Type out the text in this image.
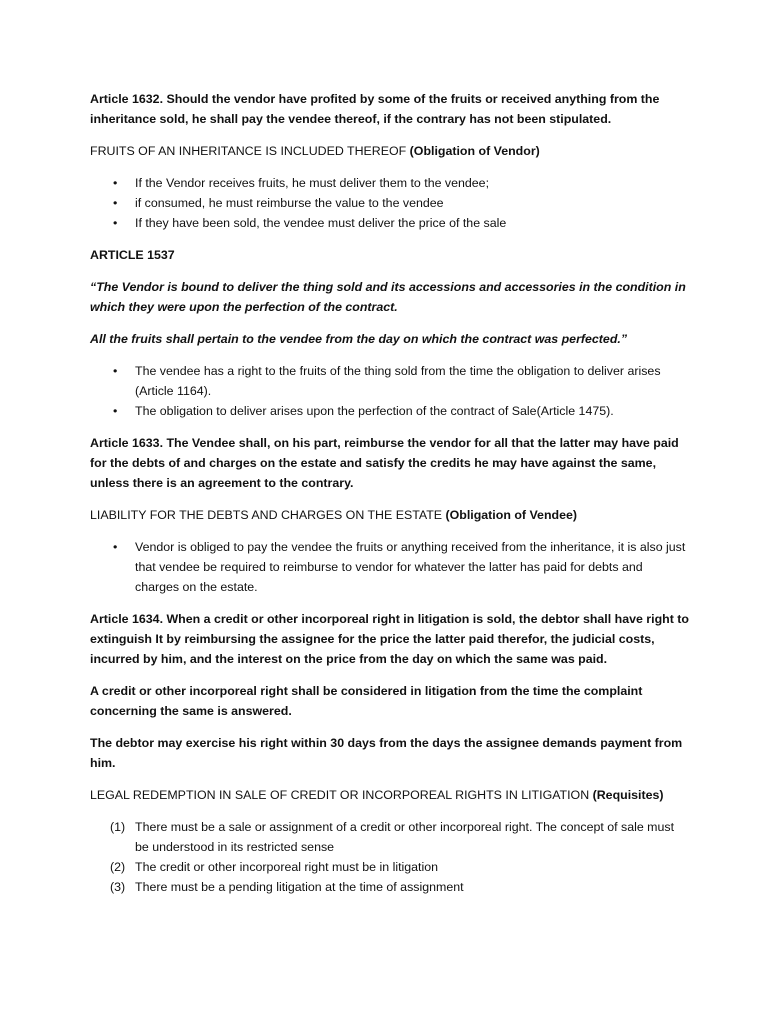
Article 1632. Should the vendor have profited by some of the fruits or received anything from the inheritance sold, he shall pay the vendee thereof, if the contrary has not been stipulated.

FRUITS OF AN INHERITANCE IS INCLUDED THEREOF (Obligation of Vendor)

• If the Vendor receives fruits, he must deliver them to the vendee;
• if consumed, he must reimburse the value to the vendee
• If they have been sold, the vendee must deliver the price of the sale

ARTICLE 1537

“The Vendor is bound to deliver the thing sold and its accessions and accessories in the condition in which they were upon the perfection of the contract.

All the fruits shall pertain to the vendee from the day on which the contract was perfected.”

• The vendee has a right to the fruits of the thing sold from the time the obligation to deliver arises (Article 1164).
• The obligation to deliver arises upon the perfection of the contract of Sale(Article 1475).

Article 1633. The Vendee shall, on his part, reimburse the vendor for all that the latter may have paid for the debts of and charges on the estate and satisfy the credits he may have against the same, unless there is an agreement to the contrary.

LIABILITY FOR THE DEBTS AND CHARGES ON THE ESTATE (Obligation of Vendee)

• Vendor is obliged to pay the vendee the fruits or anything received from the inheritance, it is also just that vendee be required to reimburse to vendor for whatever the latter has paid for debts and charges on the estate.

Article 1634. When a credit or other incorporeal right in litigation is sold, the debtor shall have right to extinguish It by reimbursing the assignee for the price the latter paid therefor, the judicial costs, incurred by him, and the interest on the price from the day on which the same was paid.

A credit or other incorporeal right shall be considered in litigation from the time the complaint concerning the same is answered.

The debtor may exercise his right within 30 days from the days the assignee demands payment from him.

LEGAL REDEMPTION IN SALE OF CREDIT OR INCORPOREAL RIGHTS IN LITIGATION (Requisites)

(1) There must be a sale or assignment of a credit or other incorporeal right. The concept of sale must be understood in its restricted sense
(2) The credit or other incorporeal right must be in litigation
(3) There must be a pending litigation at the time of assignment
